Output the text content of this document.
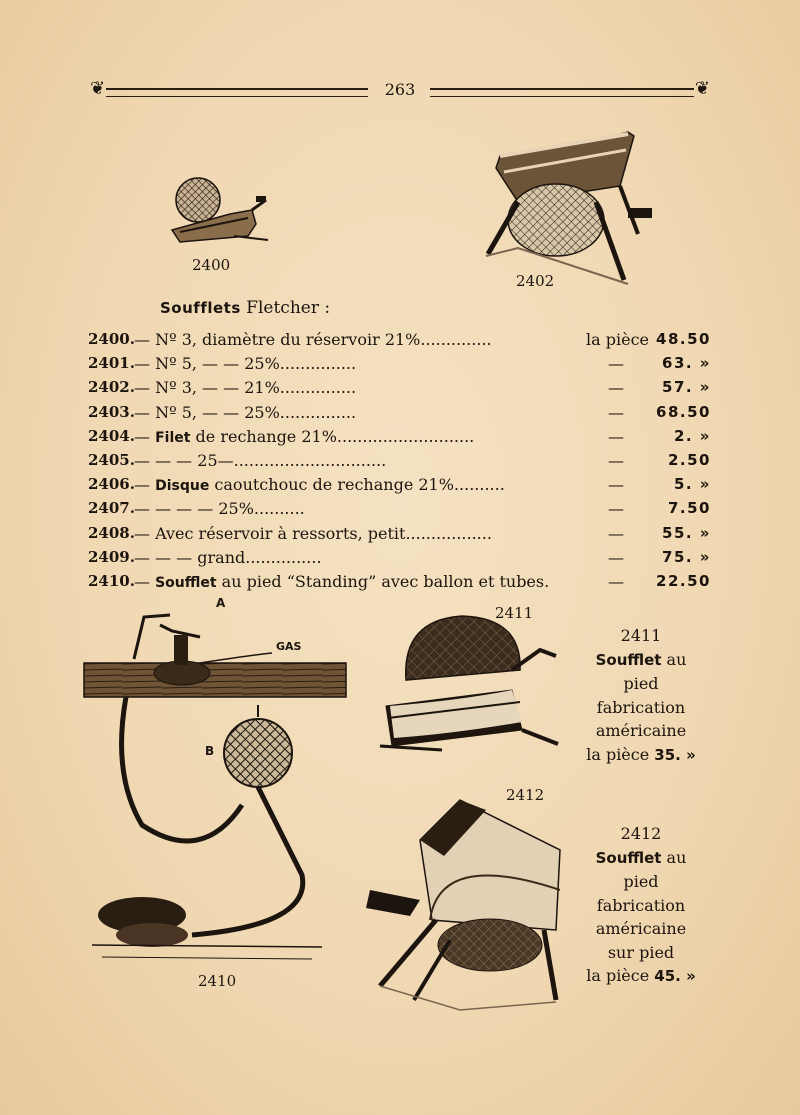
❦	263	❦
2400
2402
Soufflets Fletcher :
2400. — Nº 3, diamètre du réservoir 21%..............	la pièce 48.50
2401. — Nº 5, — — 25%...............	—	63. »
2402. — Nº 3, — — 21%...............	—	57. »
2403. — Nº 5, — — 25%...............	—	68.50
2404. — Filet de rechange 21%...........................	—	2. »
2405. — — — 25—..............................	—	2.50
2406. — Disque caoutchouc de rechange 21%..........	—	5. »
2407. — — — — 25%..........	—	7.50
2408. — Avec réservoir à ressorts, petit.................	—	55. »
2409. — — — grand...............	—	75. »
2410. — Soufflet au pied “Standing” avec ballon et tubes.	—	22.50
A
GAS
B
2410
2411
2411
Soufflet au
pied
fabrication
américaine
la pièce 35. »
2412
2412
Soufflet au
pied
fabrication
américaine
sur pied
la pièce 45. »
